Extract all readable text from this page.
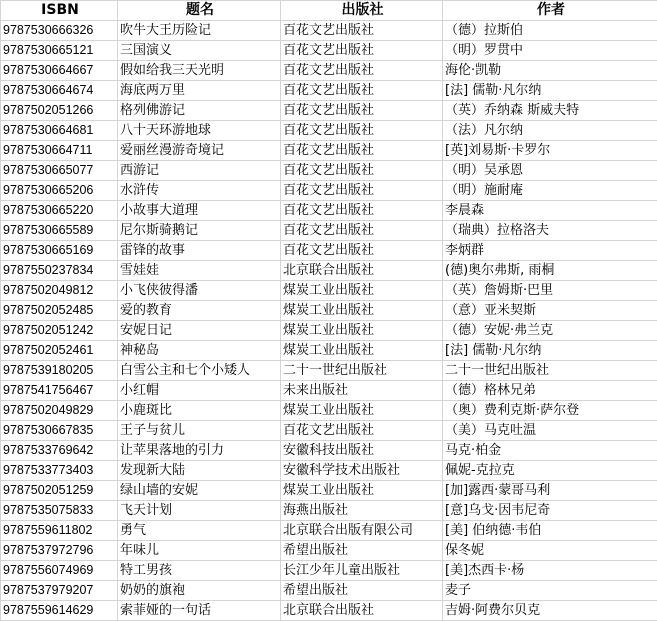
ISBN	题名	出版社	作者
9787530666326	吹牛大王历险记	百花文艺出版社	（德）拉斯伯
9787530665121	三国演义	百花文艺出版社	（明）罗贯中
9787530664667	假如给我三天光明	百花文艺出版社	海伦·凯勒
9787530664674	海底两万里	百花文艺出版社	[法] 儒勒·凡尔纳
9787502051266	格列佛游记	百花文艺出版社	（英）乔纳森 斯威夫特
9787530664681	八十天环游地球	百花文艺出版社	（法）凡尔纳
9787530664711	爱丽丝漫游奇境记	百花文艺出版社	[英]刘易斯·卡罗尔
9787530665077	西游记	百花文艺出版社	（明）吴承恩
9787530665206	水浒传	百花文艺出版社	（明）施耐庵
9787530665220	小故事大道理	百花文艺出版社	李晨森
9787530665589	尼尔斯骑鹅记	百花文艺出版社	（瑞典）拉格洛夫
9787530665169	雷锋的故事	百花文艺出版社	李炳群
9787550237834	雪娃娃	北京联合出版社	(德)奥尔弗斯, 雨桐
9787502049812	小飞侠彼得潘	煤炭工业出版社	（英）詹姆斯·巴里
9787502052485	爱的教育	煤炭工业出版社	（意）亚米契斯
9787502051242	安妮日记	煤炭工业出版社	（德）安妮·弗兰克
9787502052461	神秘岛	煤炭工业出版社	[法] 儒勒·凡尔纳
9787539180205	白雪公主和七个小矮人	二十一世纪出版社	二十一世纪出版社
9787541756467	小红帽	未来出版社	（德）格林兄弟
9787502049829	小鹿斑比	煤炭工业出版社	（奥）费利克斯·萨尔登
9787530667835	王子与贫儿	百花文艺出版社	（美）马克吐温
9787533769642	让苹果落地的引力	安徽科技出版社	马克·柏金
9787533773403	发现新大陆	安徽科学技术出版社	佩妮-克拉克
9787502051259	绿山墙的安妮	煤炭工业出版社	[加]露西·蒙哥马利
9787535075833	飞天计划	海燕出版社	[意]乌戈·因韦尼奇
9787559611802	勇气	北京联合出版有限公司	[美] 伯纳德·韦伯
9787537972796	年味儿	希望出版社	保冬妮
9787556074969	特工男孩	长江少年儿童出版社	[美]杰西卡·杨
9787537979207	奶奶的旗袍	希望出版社	麦子
9787559614629	索菲娅的一句话	北京联合出版社	吉姆·阿费尔贝克
